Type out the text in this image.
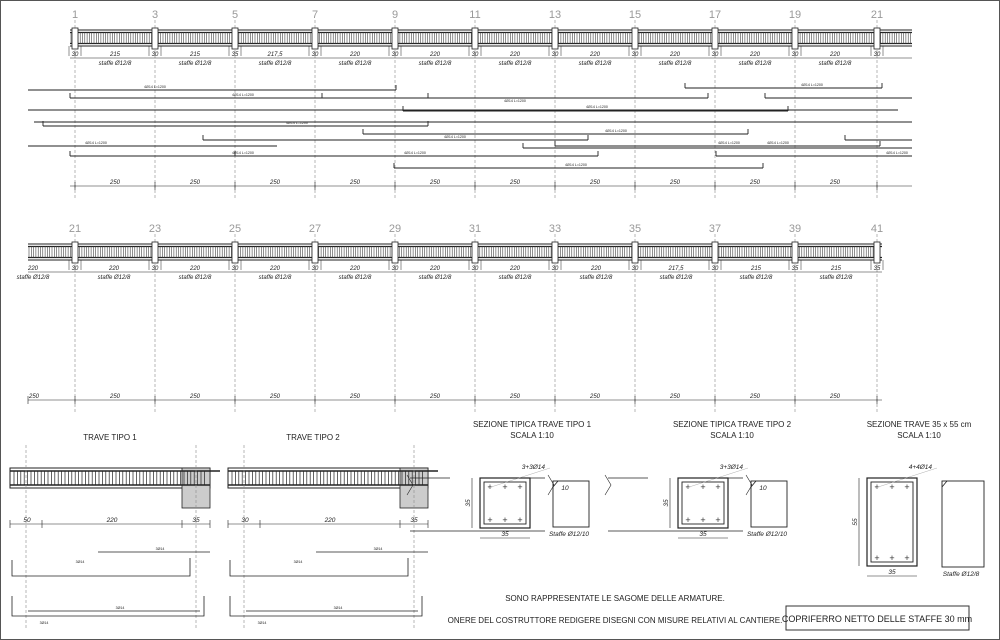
1	3	5	7	9	11	13	15	17	19	21
30	30	35	30	30	30	30	30	30	30	30
215
staffe Ø12/8
215
staffe Ø12/8
217,5
staffe Ø12/8
220
staffe Ø12/8
220
staffe Ø12/8
220
staffe Ø12/8
220
staffe Ø12/8
220
staffe Ø12/8
220
staffe Ø12/8
220
staffe Ø12/8
4Ø14 L=1200
4Ø14 L=1200
4Ø14 L=1200
4Ø14 L=1200
4Ø14 L=1200	4Ø14 L=1200
4Ø14 L=1200
250	250	250	250	250	250	250	250	250	250
21	23	25	27	29	31	33	35	37	39	41
30	30	30	30	30	30	30	30	30	35	35
220
staffe Ø12/8
220
staffe Ø12/8
220
staffe Ø12/8
220
staffe Ø12/8
220
staffe Ø12/8
220
staffe Ø12/8
220
staffe Ø12/8
220
staffe Ø12/8
217,5
staffe Ø12/8
215
staffe Ø12/8
215
staffe Ø12/8
4Ø14 L=1200
4Ø14 L=1200
4Ø14 L=1200
4Ø14 L=1200
4Ø14 L=1200
4Ø14 L=1200	4Ø14 L=1200
4Ø14 L=1200
250	250	250	250	250	250	250	250	250	250	250
50	220	35
3Ø14
3Ø14
3Ø14
3Ø14
30	220	35
3Ø14
3Ø14
3Ø14
3Ø14
+
+
+
+
+
+
3+3Ø14
35
35
10
Staffe Ø12/10
+
+
+
+
+
+
3+3Ø14
35
35
10
Staffe Ø12/10
+
+
+
+
+
+
4+4Ø14
35
55
Staffe Ø12/8
TRAVE TIPO 1	TRAVE TIPO 2
SEZIONE TIPICA TRAVE TIPO 1
SCALA 1:10
SEZIONE TIPICA TRAVE TIPO 2
SCALA 1:10
SEZIONE TRAVE 35 x 55 cm
SCALA 1:10
SONO RAPPRESENTATE LE SAGOME DELLE ARMATURE.
ONERE DEL COSTRUTTORE REDIGERE DISEGNI CON MISURE RELATIVI AL CANTIERE. COPRIFERRO NETTO DELLE STAFFE 30 mm
